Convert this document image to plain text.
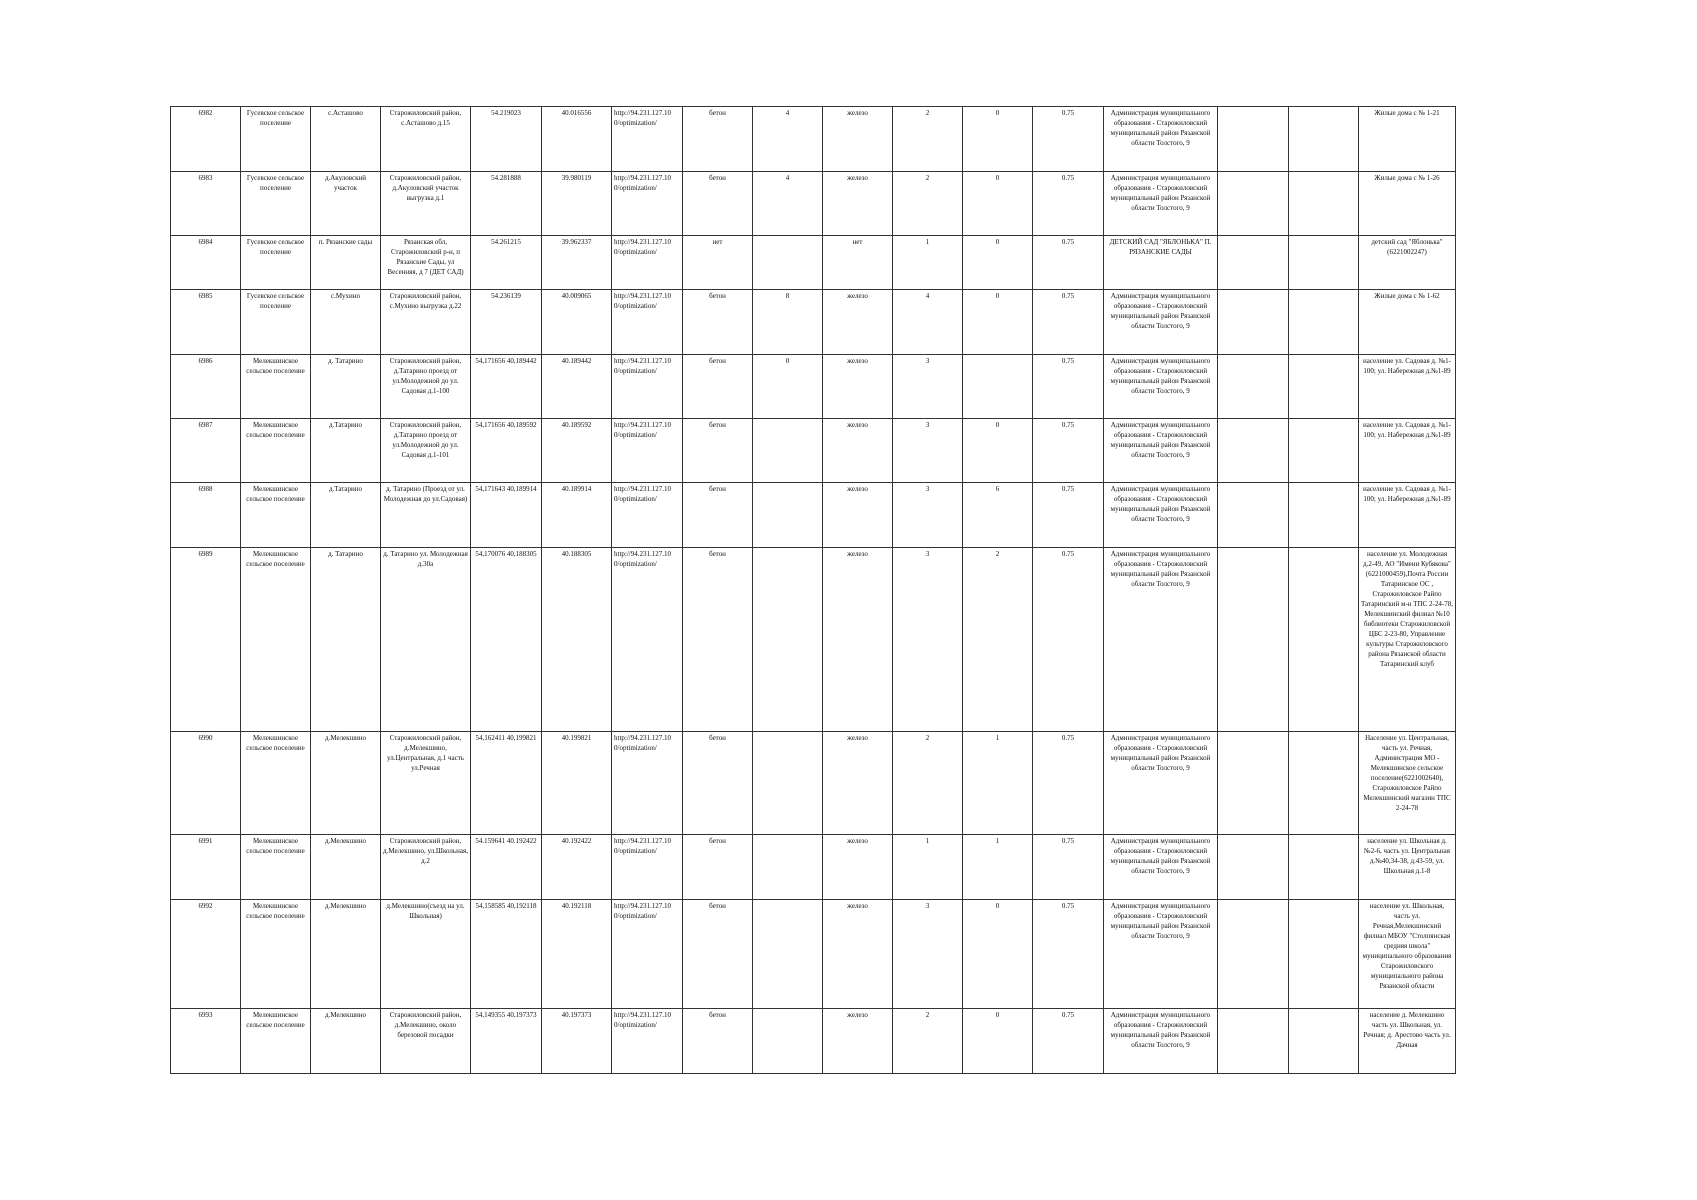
6982	Гусевское сельское поселение	с.Асташово	Старожиловский район, с.Асташово д.15	54.219023	40.016556	http://94.231.127.10 0/optimization/	бетон	4	железо	2	0	0.75	Администрация муниципального образования - Старожиловский муниципальный район Рязанской области Толстого, 9			Жилые дома с № 1-21
6983	Гусевское сельское поселение	д.Акуловский участок	Старожиловский район, д.Акуловский участок выгрузка д.1	54.281888	39.980119	http://94.231.127.10 0/optimization/	бетон	4	железо	2	0	0.75	Администрация муниципального образования - Старожиловский муниципальный район Рязанской области Толстого, 9			Жилые дома с № 1-26
6984	Гусевское сельское поселение	п. Рязанские сады	Рязанская обл, Старожиловский р-н, п Рязанские Сады, ул Весенняя, д 7 (ДЕТ САД)	54.261215	39.962337	http://94.231.127.10 0/optimization/	нет		нет	1	0	0.75	ДЕТСКИЙ САД "ЯБЛОНЬКА" П. РЯЗАНСКИЕ САДЫ			детский сад "Яблонька"(6221002247)
6985	Гусевское сельское поселение	с.Мухино	Старожиловский район, с.Мухино выгрузка д.22	54.236139	40.009065	http://94.231.127.10 0/optimization/	бетон	8	железо	4	0	0.75	Администрация муниципального образования - Старожиловский муниципальный район Рязанской области Толстого, 9			Жилые дома с № 1-62
6986	Мелекшинское сельское поселение	д. Татарино	Старожиловский район, д.Татарино проезд от ул.Молодежной до ул. Садовая д.1-100	54,171656 40,189442	40.189442	http://94.231.127.10 0/optimization/	бетон	0	железо	3		0.75	Администрация муниципального образования - Старожиловский муниципальный район Рязанской области Толстого, 9			население ул. Садовая д. №1-100; ул. Набережная д.№1-89
6987	Мелекшинское сельское поселение	д.Татарино	Старожиловский район, д.Татарино проезд от ул.Молодежной до ул. Садовая д.1-101	54,171656 40,189592	40.189592	http://94.231.127.10 0/optimization/	бетон		железо	3	0	0.75	Администрация муниципального образования - Старожиловский муниципальный район Рязанской области Толстого, 9			население ул. Садовая д. №1-100; ул. Набережная д.№1-89
6988	Мелекшинское сельское поселение	д.Татарино	д. Татарино (Проезд от ул. Молодежная до ул.Садовая)	54,171643 40,189914	40.189914	http://94.231.127.10 0/optimization/	бетон		железо	3	6	0.75	Администрация муниципального образования - Старожиловский муниципальный район Рязанской области Толстого, 9			население ул. Садовая д. №1-100; ул. Набережная д.№1-89
6989	Мелекшинское сельское поселение	д. Татарино	д. Татарино ул. Молодежная д.30а	54,170076 40,188305	40.188305	http://94.231.127.10 0/optimization/	бетон		железо	3	2	0.75	Администрация муниципального образования - Старожиловский муниципальный район Рязанской области Толстого, 9			население ул. Молодежная д.2-49, АО "Имени Кубякова" (6221000459),Почта России Татаринское ОС , Старожиловское Райпо Татаринский м-н ТПС 2-24-78, Мелекшинский филиал №10 библиотеки Старожиловской ЦБС 2-23-80, Управление культуры Старожиловского района Рязанской области Татаринский клуб
6990	Мелекшинское сельское поселение	д.Мелекшино	Старожиловский район, д.Мелекшино, ул.Центральная, д.1 часть ул.Речная	54,162411 40,199821	40.199821	http://94.231.127.10 0/optimization/	бетон		железо	2	1	0.75	Администрация муниципального образования - Старожиловский муниципальный район Рязанской области Толстого, 9			Население ул. Центральная, часть ул. Речная, Администрация МО - Мелекшинское сельское поселение(6221002640), Старожиловское Райпо Мелекшинский магазин ТПС 2-24-78
6991	Мелекшинское сельское поселение	д.Мелекшино	Старожиловский район, д.Мелекшино, ул.Школьная, д.2	54.159641 40.192422	40.192422	http://94.231.127.10 0/optimization/	бетон		железо	1	1	0.75	Администрация муниципального образования - Старожиловский муниципальный район Рязанской области Толстого, 9			население ул. Школьная д.№2-6, часть ул. Центральная д.№40,34-38, д.43-59, ул. Школьная д.1-8
6992	Мелекшинское сельское поселение	д.Мелекшино	д.Мелекшино(съезд на ул. Школьная)	54,158585 40,192118	40.192118	http://94.231.127.10 0/optimization/	бетон		железо	3	0	0.75	Администрация муниципального образования - Старожиловский муниципальный район Рязанской области Толстого, 9			население ул. Школьная, часть ул. Речная,Мелекшинский филиал МБОУ "Столпянская средняя школа" муниципального образования Старожиловского муниципального района Рязанской области
6993	Мелекшинское сельское поселение	д.Мелекшино	Старожиловский район, д.Мелекшино, около березовой посадки	54,149355 40,197373	40.197373	http://94.231.127.10 0/optimization/	бетон		железо	2	0	0.75	Администрация муниципального образования - Старожиловский муниципальный район Рязанской области Толстого, 9			население д. Мелекшино часть ул. Школьная, ул. Речная; д. Арестово часть ул. Дачная
